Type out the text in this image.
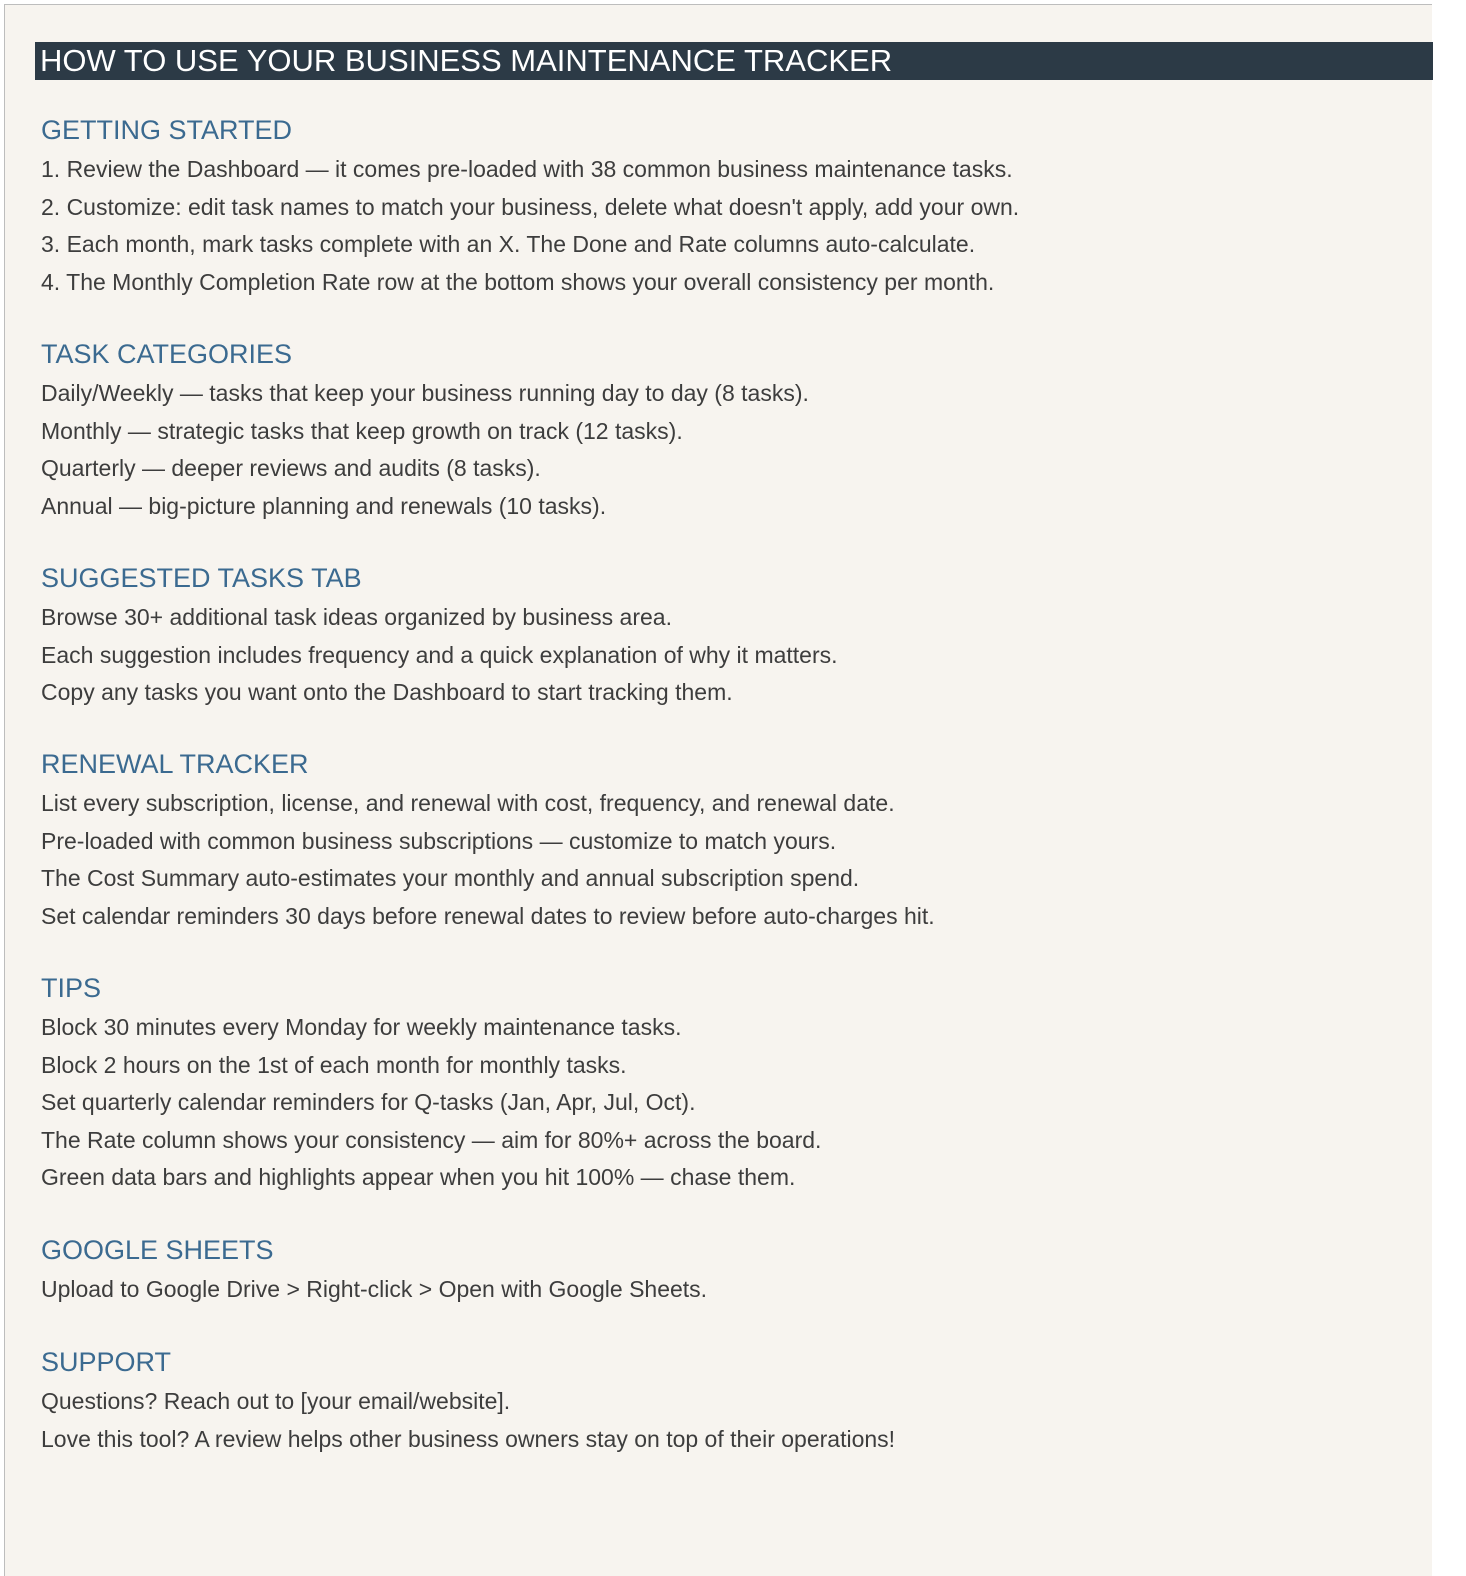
HOW TO USE YOUR BUSINESS MAINTENANCE TRACKER
GETTING STARTED
1. Review the Dashboard — it comes pre-loaded with 38 common business maintenance tasks.
2. Customize: edit task names to match your business, delete what doesn't apply, add your own.
3. Each month, mark tasks complete with an X. The Done and Rate columns auto-calculate.
4. The Monthly Completion Rate row at the bottom shows your overall consistency per month.
TASK CATEGORIES
Daily/Weekly — tasks that keep your business running day to day (8 tasks).
Monthly — strategic tasks that keep growth on track (12 tasks).
Quarterly — deeper reviews and audits (8 tasks).
Annual — big-picture planning and renewals (10 tasks).
SUGGESTED TASKS TAB
Browse 30+ additional task ideas organized by business area.
Each suggestion includes frequency and a quick explanation of why it matters.
Copy any tasks you want onto the Dashboard to start tracking them.
RENEWAL TRACKER
List every subscription, license, and renewal with cost, frequency, and renewal date.
Pre-loaded with common business subscriptions — customize to match yours.
The Cost Summary auto-estimates your monthly and annual subscription spend.
Set calendar reminders 30 days before renewal dates to review before auto-charges hit.
TIPS
Block 30 minutes every Monday for weekly maintenance tasks.
Block 2 hours on the 1st of each month for monthly tasks.
Set quarterly calendar reminders for Q-tasks (Jan, Apr, Jul, Oct).
The Rate column shows your consistency — aim for 80%+ across the board.
Green data bars and highlights appear when you hit 100% — chase them.
GOOGLE SHEETS
Upload to Google Drive > Right-click > Open with Google Sheets.
SUPPORT
Questions? Reach out to [your email/website].
Love this tool? A review helps other business owners stay on top of their operations!
